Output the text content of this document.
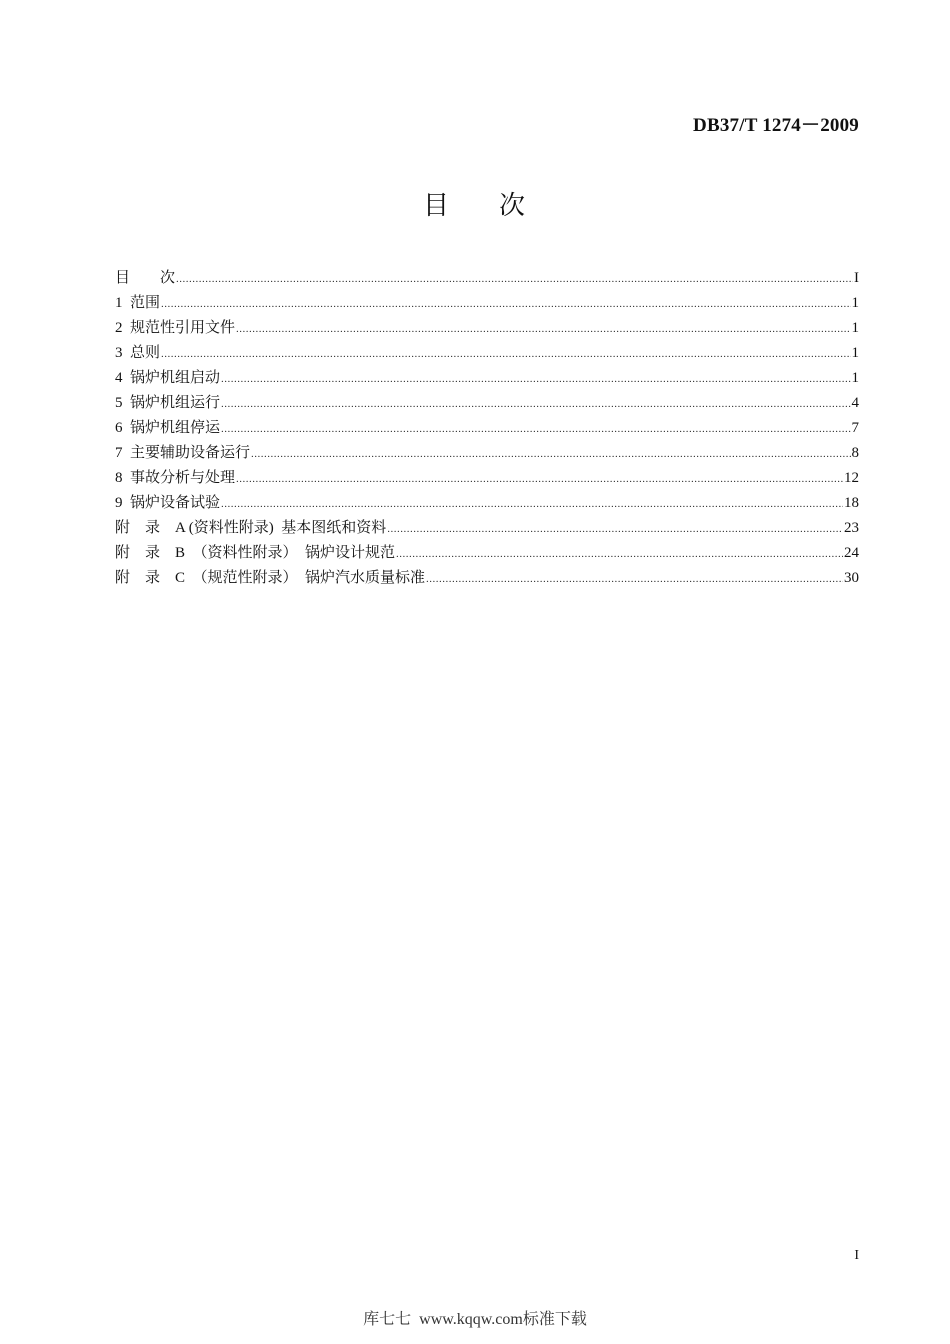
DB37/T 1274－2009
目 次
目        次 .....	I
1  范围 .....	1
2  规范性引用文件 .....	1
3  总则 .....	1
4  锅炉机组启动 .....	1
5  锅炉机组运行 .....	4
6  锅炉机组停运 .....	7
7  主要辅助设备运行 .....	8
8  事故分析与处理 .....	12
9  锅炉设备试验 .....	18
附    录    A (资料性附录)  基本图纸和资料 .....	23
附    录    B  （资料性附录）  锅炉设计规范 .....	24
附    录    C  （规范性附录）  锅炉汽水质量标准 .....	30
I
库七七  www.kqqw.com标准下载
